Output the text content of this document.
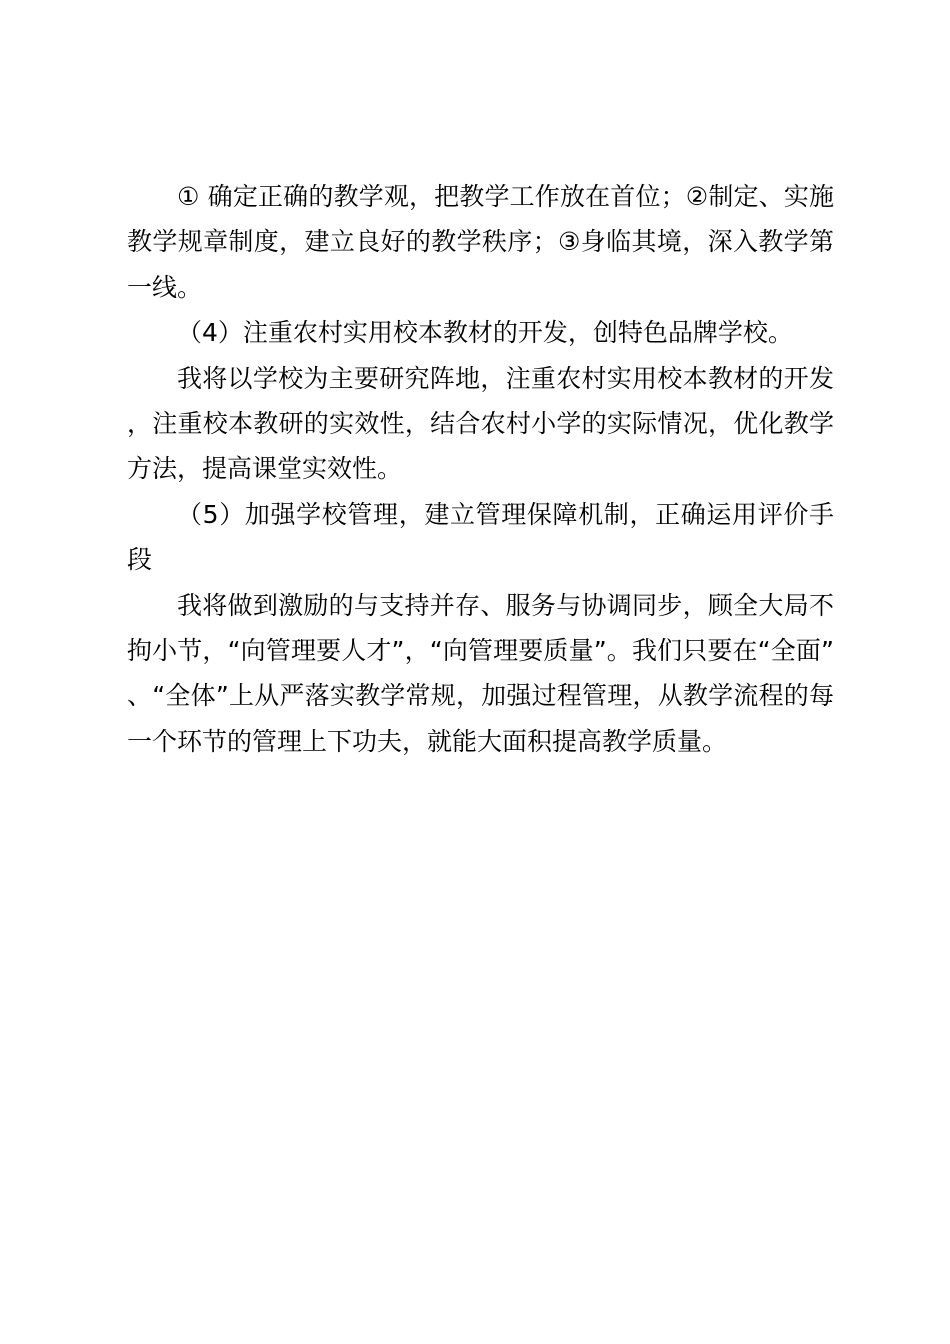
① 确定正确的教学观，把教学工作放在首位；②制定、实施教学规章制度，建立良好的教学秩序；③身临其境，深入教学第一线。

（4）注重农村实用校本教材的开发，创特色品牌学校。

我将以学校为主要研究阵地，注重农村实用校本教材的开发，注重校本教研的实效性，结合农村小学的实际情况，优化教学方法，提高课堂实效性。

（5）加强学校管理，建立管理保障机制，正确运用评价手段

我将做到激励的与支持并存、服务与协调同步，顾全大局不拘小节，“向管理要人才”，“向管理要质量”。我们只要在“全面”、“全体”上从严落实教学常规，加强过程管理，从教学流程的每一个环节的管理上下功夫，就能大面积提高教学质量。
